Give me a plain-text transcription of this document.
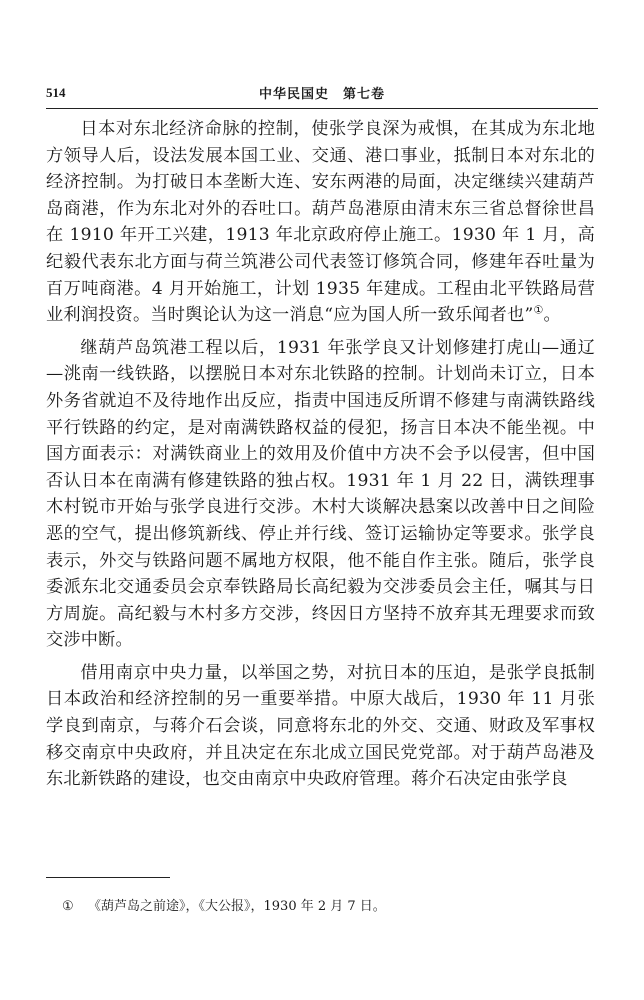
514	中华民国史　第七卷

日本对东北经济命脉的控制，使张学良深为戒惧，在其成为东北地方领导人后，设法发展本国工业、交通、港口事业，抵制日本对东北的经济控制。为打破日本垄断大连、安东两港的局面，决定继续兴建葫芦岛商港，作为东北对外的吞吐口。葫芦岛港原由清末东三省总督徐世昌在 1910 年开工兴建，1913 年北京政府停止施工。1930 年 1 月，高纪毅代表东北方面与荷兰筑港公司代表签订修筑合同，修建年吞吐量为百万吨商港。4 月开始施工，计划 1935 年建成。工程由北平铁路局营业利润投资。当时舆论认为这一消息“应为国人所一致乐闻者也”①。

继葫芦岛筑港工程以后，1931 年张学良又计划修建打虎山—通辽—洮南一线铁路，以摆脱日本对东北铁路的控制。计划尚未订立，日本外务省就迫不及待地作出反应，指责中国违反所谓不修建与南满铁路线平行铁路的约定，是对南满铁路权益的侵犯，扬言日本决不能坐视。中国方面表示：对满铁商业上的效用及价值中方决不会予以侵害，但中国否认日本在南满有修建铁路的独占权。1931 年 1 月 22 日，满铁理事木村锐市开始与张学良进行交涉。木村大谈解决悬案以改善中日之间险恶的空气，提出修筑新线、停止并行线、签订运输协定等要求。张学良表示，外交与铁路问题不属地方权限，他不能自作主张。随后，张学良委派东北交通委员会京奉铁路局长高纪毅为交涉委员会主任，嘱其与日方周旋。高纪毅与木村多方交涉，终因日方坚持不放弃其无理要求而致交涉中断。

借用南京中央力量，以举国之势，对抗日本的压迫，是张学良抵制日本政治和经济控制的另一重要举措。中原大战后，1930 年 11 月张学良到南京，与蒋介石会谈，同意将东北的外交、交通、财政及军事权移交南京中央政府，并且决定在东北成立国民党党部。对于葫芦岛港及东北新铁路的建设，也交由南京中央政府管理。蒋介石决定由张学良

① 《葫芦岛之前途》，《大公报》，1930 年 2 月 7 日。
